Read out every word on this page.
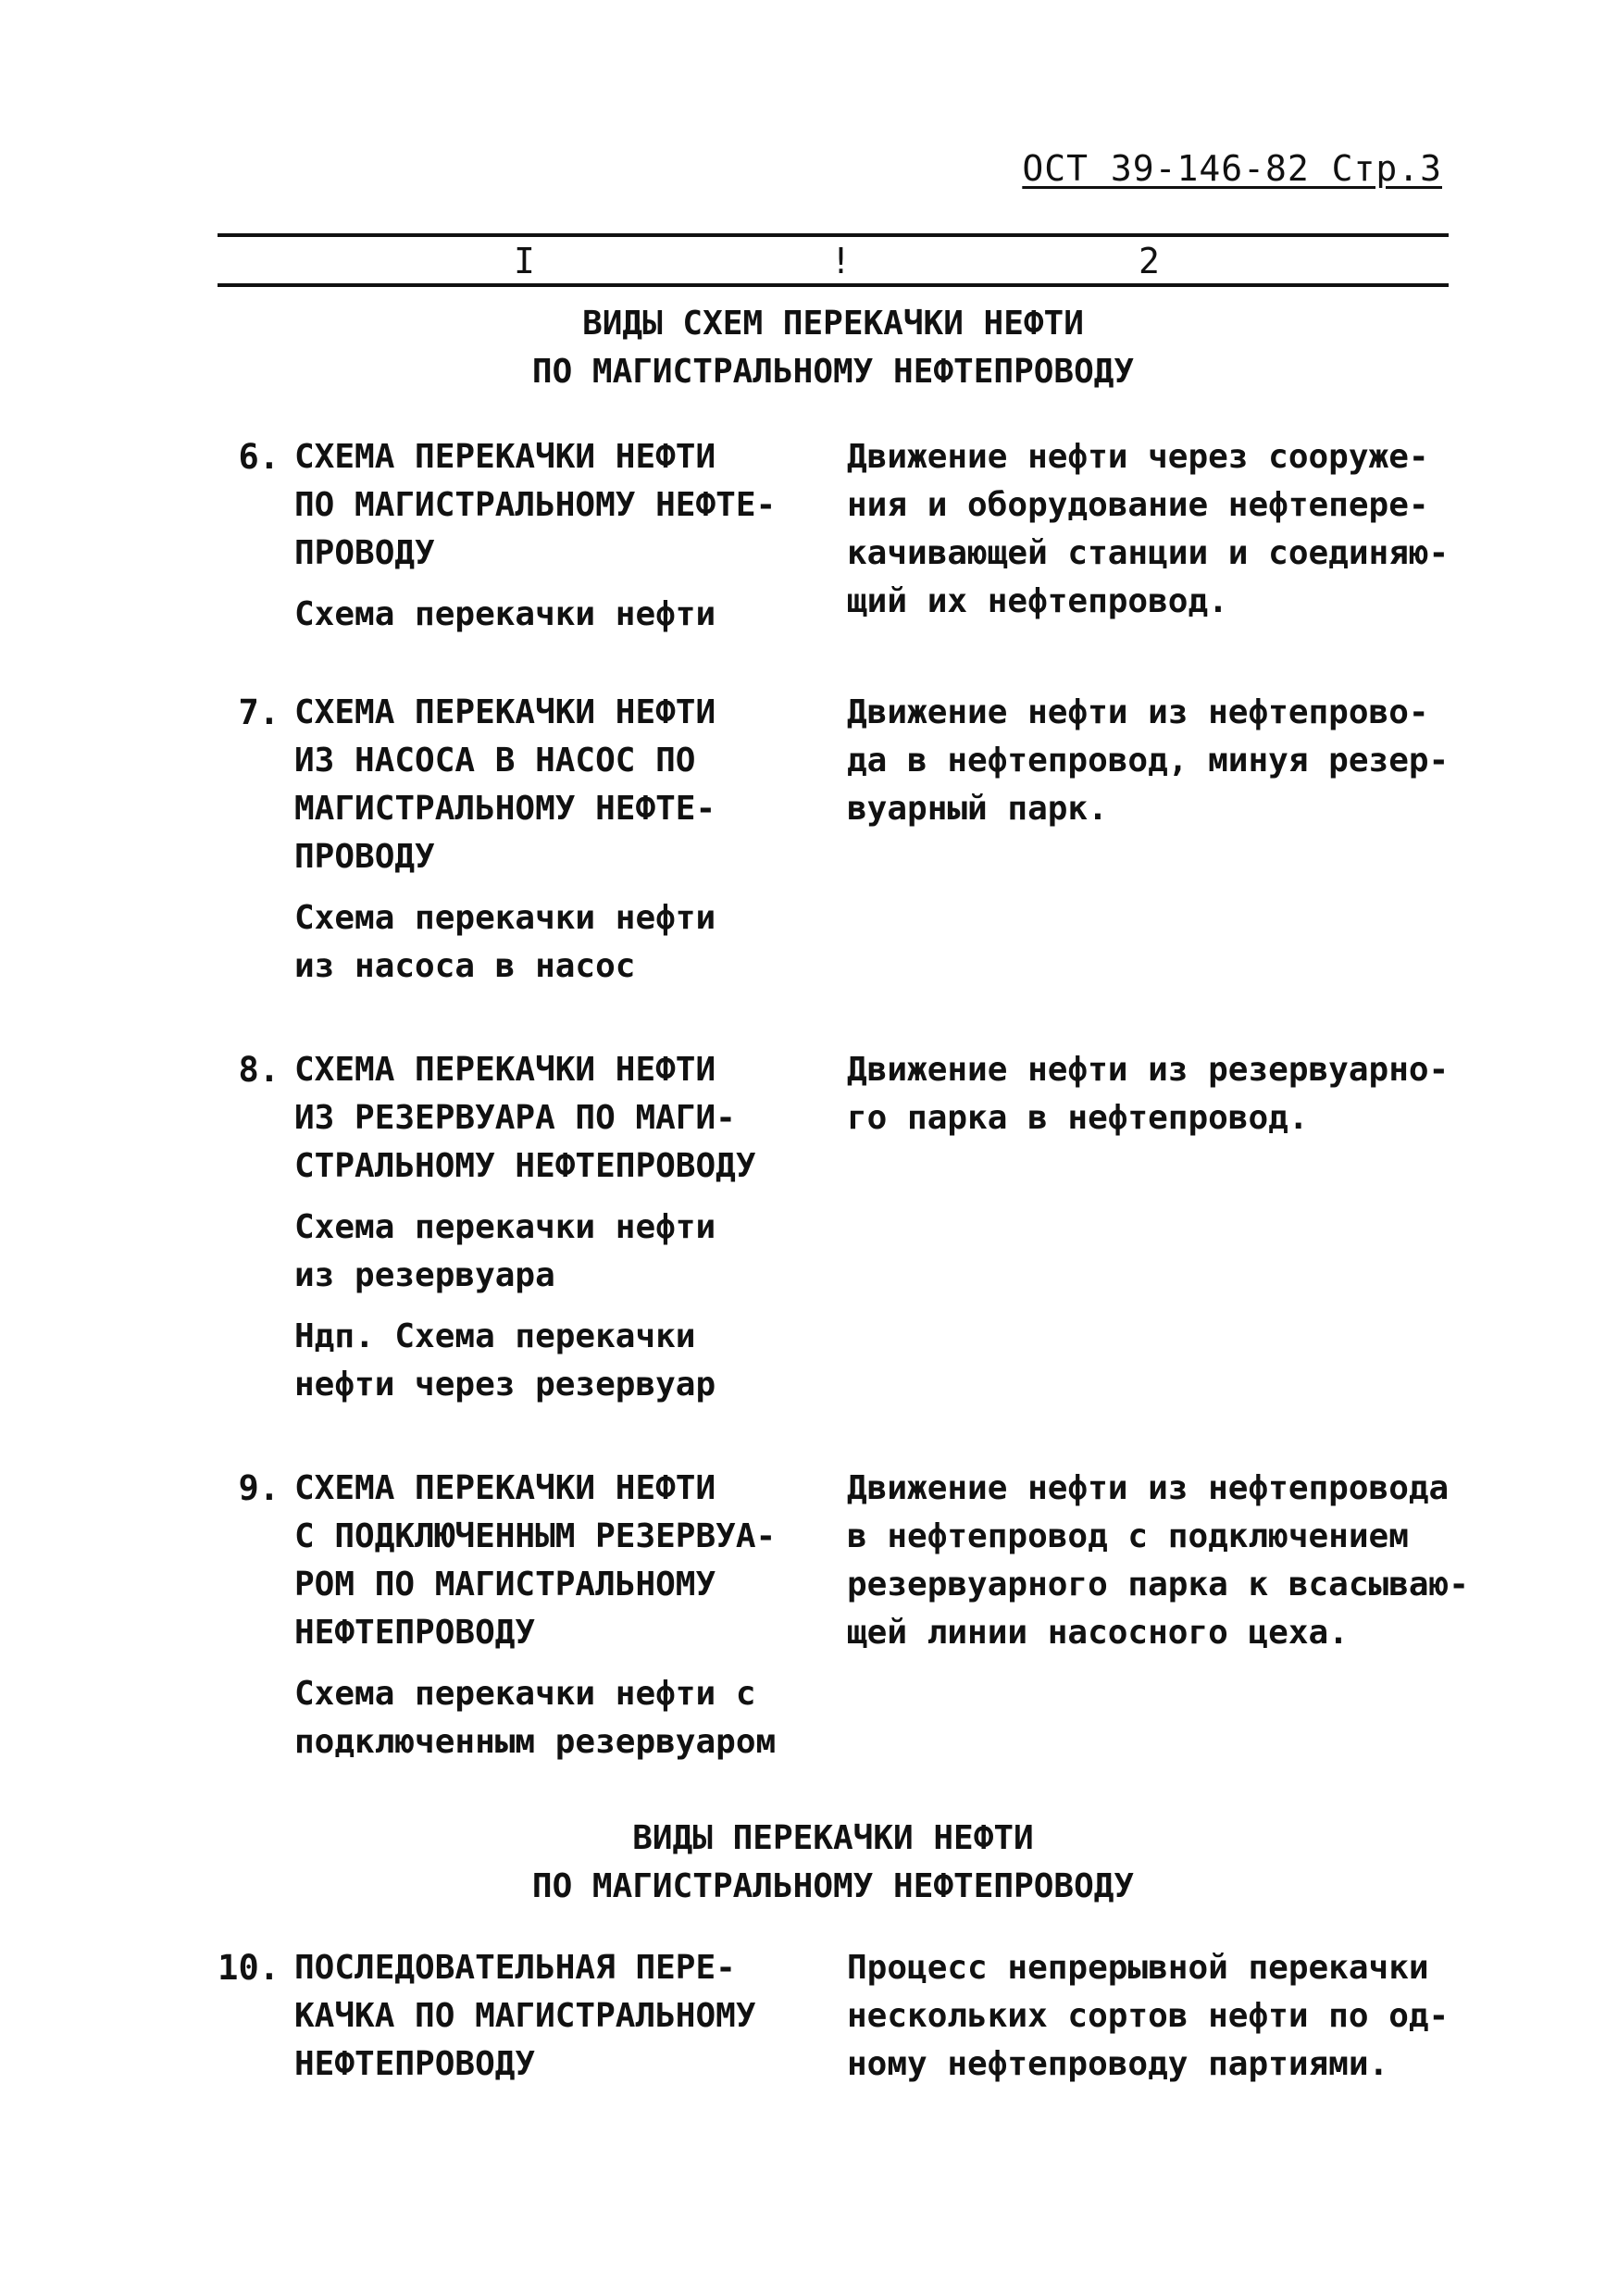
ОСТ 39-146-82 Стр.3
I	!	2
ВИДЫ СХЕМ ПЕРЕКАЧКИ НЕФТИ
ПО МАГИСТРАЛЬНОМУ НЕФТЕПРОВОДУ
6. СХЕМА ПЕРЕКАЧКИ НЕФТИ
ПО МАГИСТРАЛЬНОМУ НЕФТЕ-
ПРОВОДУ
Схема перекачки нефти
Движение нефти через сооруже-
ния и оборудование нефтепере-
качивающей станции и соединяю-
щий их нефтепровод.
7. СХЕМА ПЕРЕКАЧКИ НЕФТИ
ИЗ НАСОСА В НАСОС ПО
МАГИСТРАЛЬНОМУ НЕФТЕ-
ПРОВОДУ
Схема перекачки нефти
из насоса в насос
Движение нефти из нефтепрово-
да в нефтепровод, минуя резер-
вуарный парк.
8. СХЕМА ПЕРЕКАЧКИ НЕФТИ
ИЗ РЕЗЕРВУАРА ПО МАГИ-
СТРАЛЬНОМУ НЕФТЕПРОВОДУ
Схема перекачки нефти
из резервуара
Ндп. Схема перекачки
нефти через резервуар
Движение нефти из резервуарно-
го парка в нефтепровод.
9. СХЕМА ПЕРЕКАЧКИ НЕФТИ
С ПОДКЛЮЧЕННЫМ РЕЗЕРВУА-
РОМ ПО МАГИСТРАЛЬНОМУ
НЕФТЕПРОВОДУ
Схема перекачки нефти с
подключенным резервуаром
Движение нефти из нефтепровода
в нефтепровод с подключением
резервуарного парка к всасываю-
щей линии насосного цеха.
ВИДЫ ПЕРЕКАЧКИ НЕФТИ
ПО МАГИСТРАЛЬНОМУ НЕФТЕПРОВОДУ
10. ПОСЛЕДОВАТЕЛЬНАЯ ПЕРЕ-
КАЧКА ПО МАГИСТРАЛЬНОМУ
НЕФТЕПРОВОДУ
Процесс непрерывной перекачки
нескольких сортов нефти по од-
ному нефтепроводу партиями.
